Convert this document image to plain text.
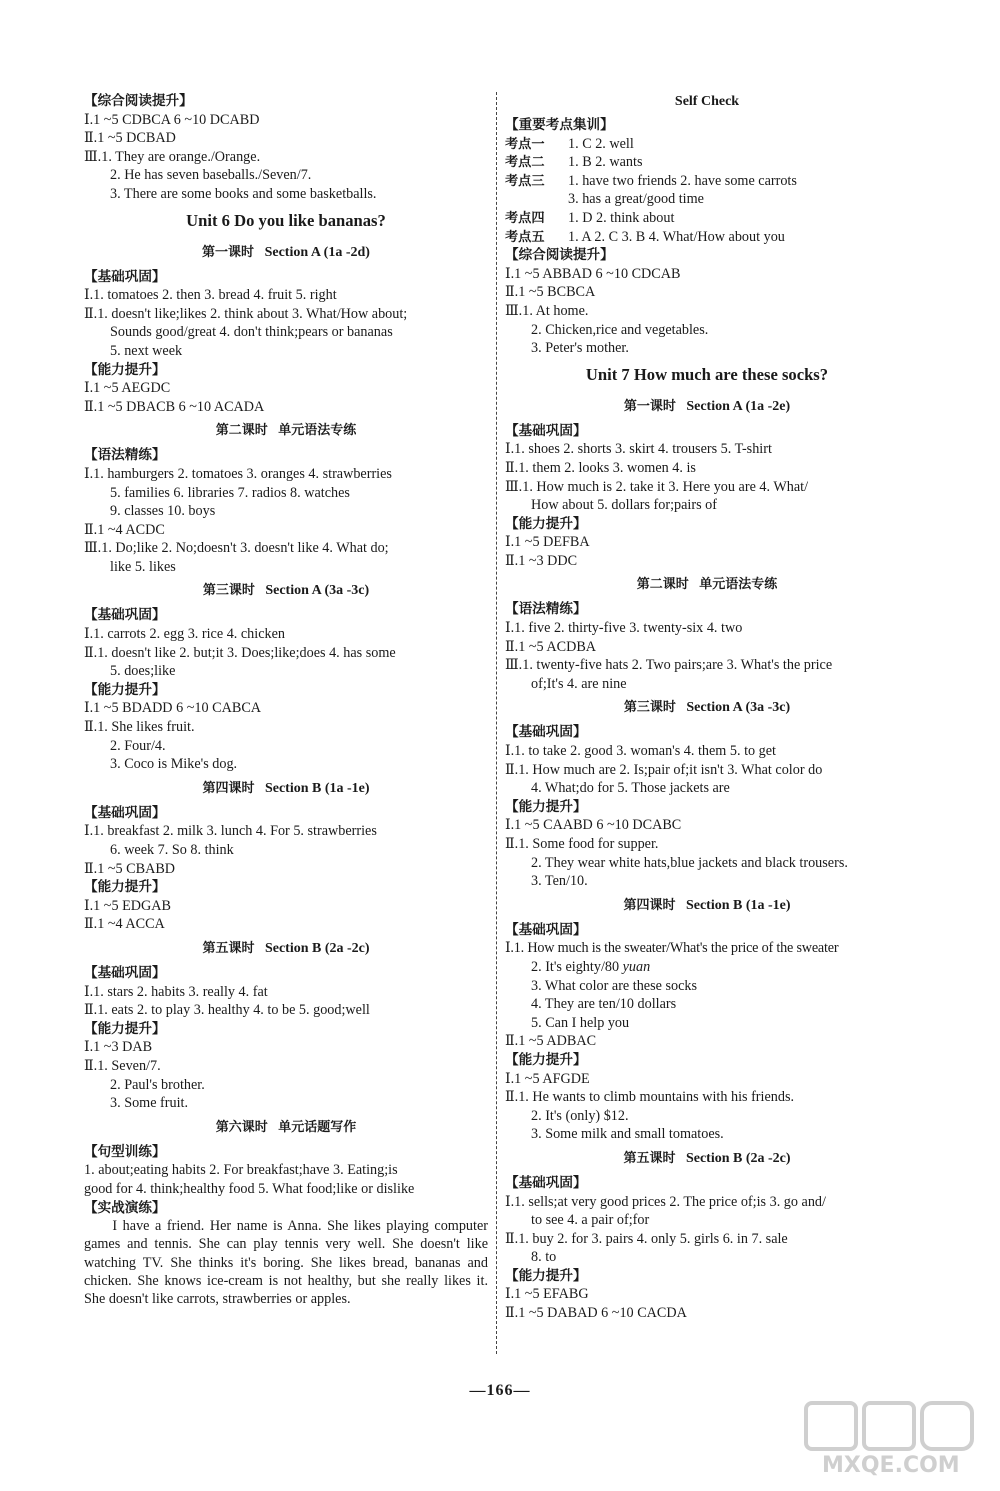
【综合阅读提升】
Ⅰ.1 ~5 CDBCA 6 ~10 DCABD
Ⅱ.1 ~5 DCBAD
Ⅲ.1. They are orange./Orange.
2. He has seven baseballs./Seven/7.
3. There are some books and some basketballs.
Unit 6 Do you like bananas?
第一课时 Section A (1a -2d)
【基础巩固】
Ⅰ.1. tomatoes 2. then 3. bread 4. fruit 5. right
Ⅱ.1. doesn't like;likes 2. think about 3. What/How about;
Sounds good/great 4. don't think;pears or bananas
5. next week
【能力提升】
Ⅰ.1 ~5 AEGDC
Ⅱ.1 ~5 DBACB 6 ~10 ACADA
第二课时 单元语法专练
【语法精练】
Ⅰ.1. hamburgers 2. tomatoes 3. oranges 4. strawberries
5. families 6. libraries 7. radios 8. watches
9. classes 10. boys
Ⅱ.1 ~4 ACDC
Ⅲ.1. Do;like 2. No;doesn't 3. doesn't like 4. What do;
like 5. likes
第三课时 Section A (3a -3c)
【基础巩固】
Ⅰ.1. carrots 2. egg 3. rice 4. chicken
Ⅱ.1. doesn't like 2. but;it 3. Does;like;does 4. has some
5. does;like
【能力提升】
Ⅰ.1 ~5 BDADD 6 ~10 CABCA
Ⅱ.1. She likes fruit.
2. Four/4.
3. Coco is Mike's dog.
第四课时 Section B (1a -1e)
【基础巩固】
Ⅰ.1. breakfast 2. milk 3. lunch 4. For 5. strawberries
6. week 7. So 8. think
Ⅱ.1 ~5 CBABD
【能力提升】
Ⅰ.1 ~5 EDGAB
Ⅱ.1 ~4 ACCA
第五课时 Section B (2a -2c)
【基础巩固】
Ⅰ.1. stars 2. habits 3. really 4. fat
Ⅱ.1. eats 2. to play 3. healthy 4. to be 5. good;well
【能力提升】
Ⅰ.1 ~3 DAB
Ⅱ.1. Seven/7.
2. Paul's brother.
3. Some fruit.
第六课时 单元话题写作
【句型训练】
1. about;eating habits 2. For breakfast;have 3. Eating;is
good for 4. think;healthy food 5. What food;like or dislike
【实战演练】
I have a friend. Her name is Anna. She likes playing computer games and tennis. She can play tennis very well. She doesn't like watching TV. She thinks it's boring. She likes bread, bananas and chicken. She knows ice-cream is not healthy, but she really likes it. She doesn't like carrots, strawberries or apples.
Self Check
【重要考点集训】
考点一 1. C 2. well
考点二 1. B 2. wants
考点三 1. have two friends 2. have some carrots
3. has a great/good time
考点四 1. D 2. think about
考点五 1. A 2. C 3. B 4. What/How about you
【综合阅读提升】
Ⅰ.1 ~5 ABBAD 6 ~10 CDCAB
Ⅱ.1 ~5 BCBCA
Ⅲ.1. At home.
2. Chicken,rice and vegetables.
3. Peter's mother.
Unit 7 How much are these socks?
第一课时 Section A (1a -2e)
【基础巩固】
Ⅰ.1. shoes 2. shorts 3. skirt 4. trousers 5. T-shirt
Ⅱ.1. them 2. looks 3. women 4. is
Ⅲ.1. How much is 2. take it 3. Here you are 4. What/
How about 5. dollars for;pairs of
【能力提升】
Ⅰ.1 ~5 DEFBA
Ⅱ.1 ~3 DDC
第二课时 单元语法专练
【语法精练】
Ⅰ.1. five 2. thirty-five 3. twenty-six 4. two
Ⅱ.1 ~5 ACDBA
Ⅲ.1. twenty-five hats 2. Two pairs;are 3. What's the price
of;It's 4. are nine
第三课时 Section A (3a -3c)
【基础巩固】
Ⅰ.1. to take 2. good 3. woman's 4. them 5. to get
Ⅱ.1. How much are 2. Is;pair of;it isn't 3. What color do
4. What;do for 5. Those jackets are
【能力提升】
Ⅰ.1 ~5 CAABD 6 ~10 DCABC
Ⅱ.1. Some food for supper.
2. They wear white hats,blue jackets and black trousers.
3. Ten/10.
第四课时 Section B (1a -1e)
【基础巩固】
Ⅰ.1. How much is the sweater/What's the price of the sweater
2. It's eighty/80 yuan
3. What color are these socks
4. They are ten/10 dollars
5. Can I help you
Ⅱ.1 ~5 ADBAC
【能力提升】
Ⅰ.1 ~5 AFGDE
Ⅱ.1. He wants to climb mountains with his friends.
2. It's (only) $12.
3. Some milk and small tomatoes.
第五课时 Section B (2a -2c)
【基础巩固】
Ⅰ.1. sells;at very good prices 2. The price of;is 3. go and/
to see 4. a pair of;for
Ⅱ.1. buy 2. for 3. pairs 4. only 5. girls 6. in 7. sale
8. to
【能力提升】
Ⅰ.1 ~5 EFABG
Ⅱ.1 ~5 DABAD 6 ~10 CACDA
—166—
MXQE.COM
